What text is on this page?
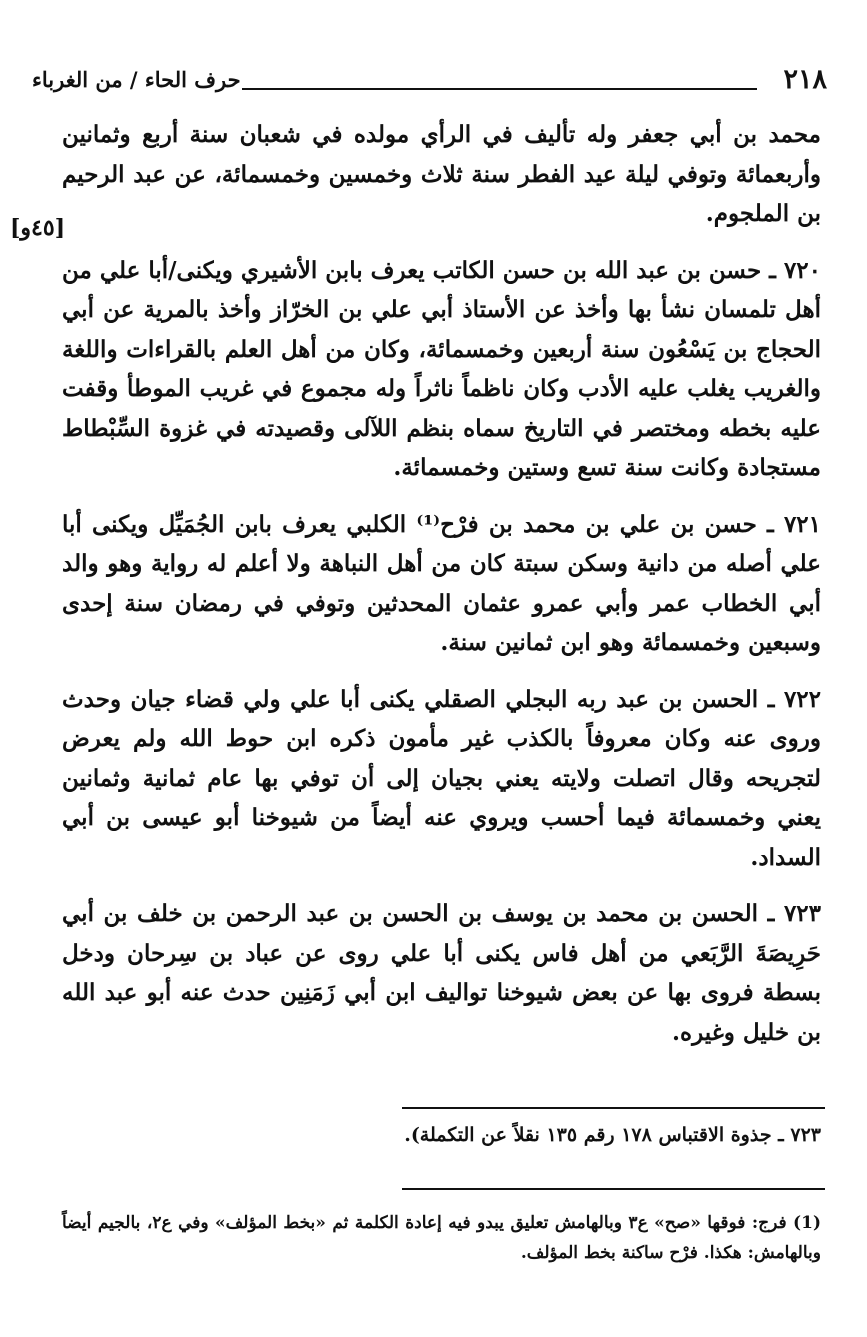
٢١٨
حرف الحاء / من الغرباء
[٤٥و]

محمد بن أبي جعفر وله تأليف في الرأي مولده في شعبان سنة أربع وثمانين وأربعمائة وتوفي ليلة عيد الفطر سنة ثلاث وخمسين وخمسمائة، عن عبد الرحيم بن الملجوم.

٧٢٠ ـ حسن بن عبد الله بن حسن الكاتب يعرف بابن الأشيري ويكنى/أبا علي من أهل تلمسان نشأ بها وأخذ عن الأستاذ أبي علي بن الخرّاز وأخذ بالمرية عن أبي الحجاج بن يَسْعُون سنة أربعين وخمسمائة، وكان من أهل العلم بالقراءات واللغة والغريب يغلب عليه الأدب وكان ناظماً ناثراً وله مجموع في غريب الموطأ وقفت عليه بخطه ومختصر في التاريخ سماه بنظم اللآلى وقصيدته في غزوة السِّبْطاط مستجادة وكانت سنة تسع وستين وخمسمائة.

٧٢١ ـ حسن بن علي بن محمد بن فرْح⁽¹⁾ الكلبي يعرف بابن الجُمَيِّل ويكنى أبا علي أصله من دانية وسكن سبتة كان من أهل النباهة ولا أعلم له رواية وهو والد أبي الخطاب عمر وأبي عمرو عثمان المحدثين وتوفي في رمضان سنة إحدى وسبعين وخمسمائة وهو ابن ثمانين سنة.

٧٢٢ ـ الحسن بن عبد ربه البجلي الصقلي يكنى أبا علي ولي قضاء جيان وحدث وروى عنه وكان معروفاً بالكذب غير مأمون ذكره ابن حوط الله ولم يعرض لتجريحه وقال اتصلت ولايته يعني بجيان إلى أن توفي بها عام ثمانية وثمانين يعني وخمسمائة فيما أحسب ويروي عنه أيضاً من شيوخنا أبو عيسى بن أبي السداد.

٧٢٣ ـ الحسن بن محمد بن يوسف بن الحسن بن عبد الرحمن بن خلف بن أبي حَرِيصَةَ الرَّبَعي من أهل فاس يكنى أبا علي روى عن عباد بن سِرحان ودخل بسطة فروى بها عن بعض شيوخنا تواليف ابن أبي زَمَنِين حدث عنه أبو عبد الله بن خليل وغيره.

٧٢٣ ـ جذوة الاقتباس ١٧٨ رقم ١٣٥ نقلاً عن التكملة).
(1) فرج: فوقها «صح» ع٣ وبالهامش تعليق يبدو فيه إعادة الكلمة ثم «بخط المؤلف» وفي ع٢، بالجيم أيضاً وبالهامش: هكذا. فرْح ساكنة بخط المؤلف.
